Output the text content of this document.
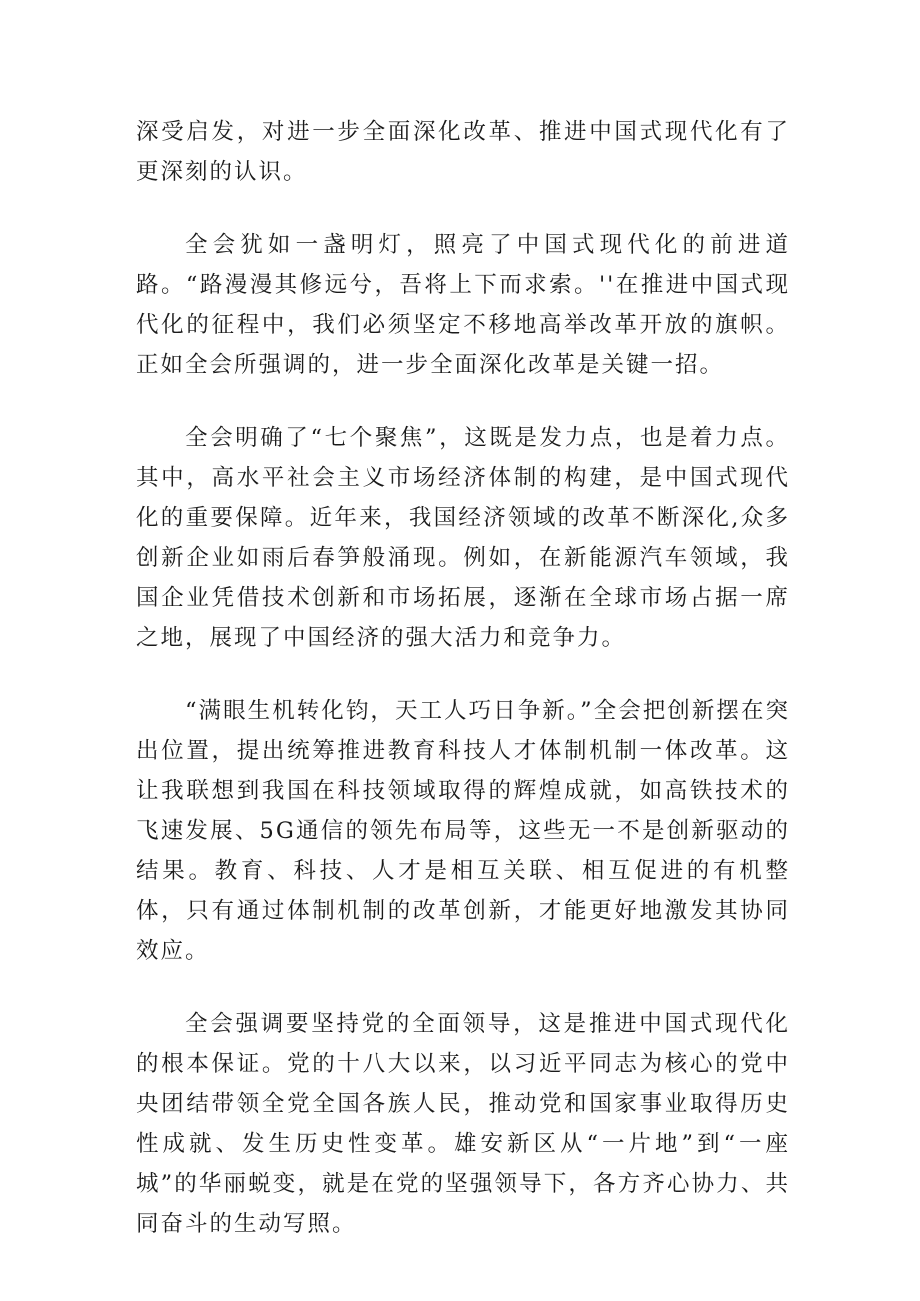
深受启发，对进一步全面深化改革、推进中国式现代化有了更深刻的认识。

全会犹如一盏明灯，照亮了中国式现代化的前进道路。“路漫漫其修远兮，吾将上下而求索。''在推进中国式现代化的征程中，我们必须坚定不移地高举改革开放的旗帜。正如全会所强调的，进一步全面深化改革是关键一招。

全会明确了“七个聚焦”，这既是发力点，也是着力点。其中，高水平社会主义市场经济体制的构建，是中国式现代化的重要保障。近年来，我国经济领域的改革不断深化,众多创新企业如雨后春笋般涌现。例如，在新能源汽车领域，我国企业凭借技术创新和市场拓展，逐渐在全球市场占据一席之地，展现了中国经济的强大活力和竞争力。

“满眼生机转化钧，天工人巧日争新。”全会把创新摆在突出位置，提出统筹推进教育科技人才体制机制一体改革。这让我联想到我国在科技领域取得的辉煌成就，如高铁技术的飞速发展、5G通信的领先布局等，这些无一不是创新驱动的结果。教育、科技、人才是相互关联、相互促进的有机整体，只有通过体制机制的改革创新，才能更好地激发其协同效应。

全会强调要坚持党的全面领导，这是推进中国式现代化的根本保证。党的十八大以来，以习近平同志为核心的党中央团结带领全党全国各族人民，推动党和国家事业取得历史性成就、发生历史性变革。雄安新区从“一片地”到“一座城”的华丽蜕变，就是在党的坚强领导下，各方齐心协力、共同奋斗的生动写照。
